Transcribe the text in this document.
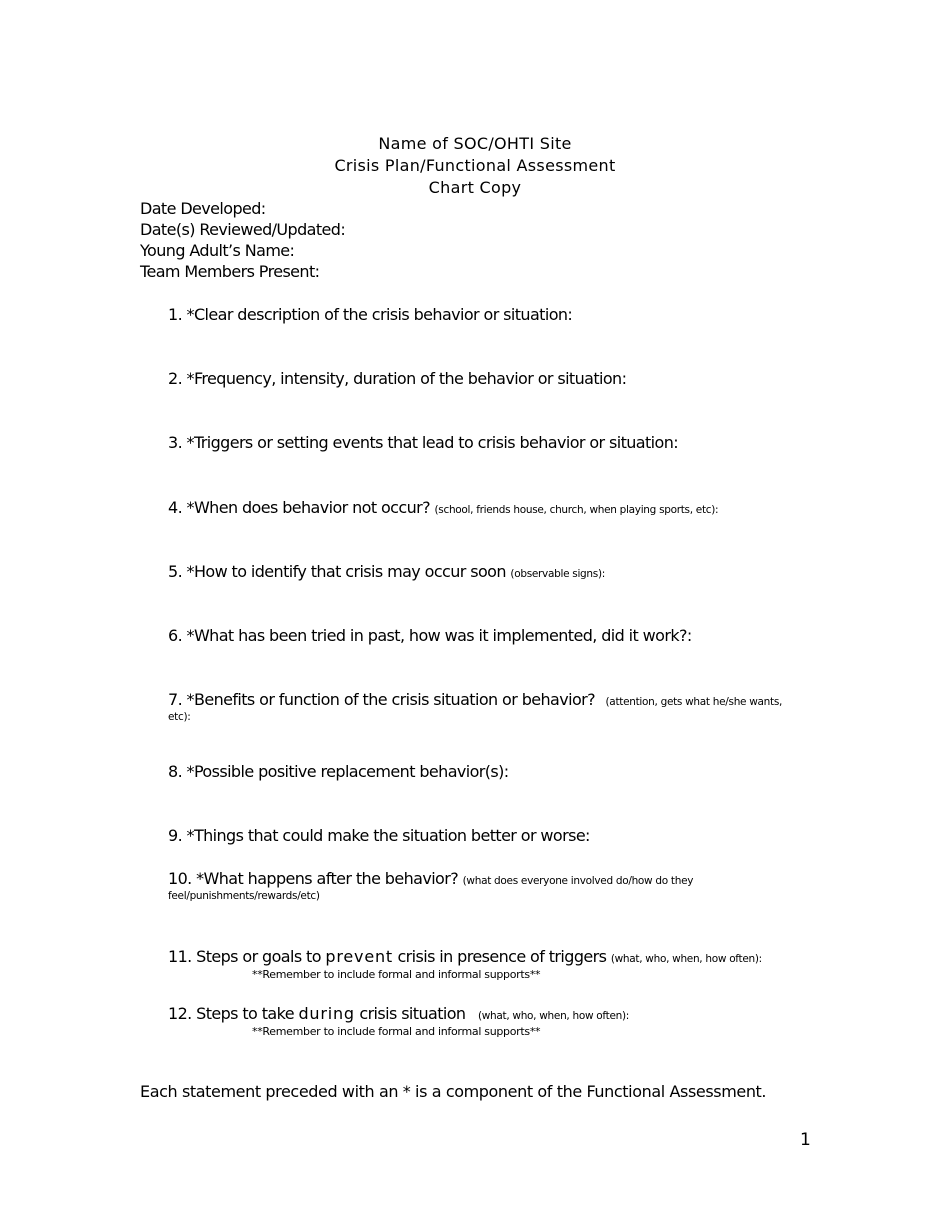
Name of SOC/OHTI Site
Crisis Plan/Functional Assessment
Chart Copy
Date Developed:
Date(s) Reviewed/Updated:
Young Adult’s Name:
Team Members Present:
1. *Clear description of the crisis behavior or situation:
2. *Frequency, intensity, duration of the behavior or situation:
3. *Triggers or setting events that lead to crisis behavior or situation:
4. *When does behavior not occur? (school, friends house, church, when playing sports, etc):
5. *How to identify that crisis may occur soon (observable signs):
6. *What has been tried in past, how was it implemented, did it work?:
7. *Benefits or function of the crisis situation or behavior? (attention, gets what he/she wants,
etc):
8. *Possible positive replacement behavior(s):
9. *Things that could make the situation better or worse:
10. *What happens after the behavior? (what does everyone involved do/how do they
feel/punishments/rewards/etc)
11. Steps or goals to prevent crisis in presence of triggers (what, who, when, how often):
**Remember to include formal and informal supports**
12. Steps to take during crisis situation (what, who, when, how often):
**Remember to include formal and informal supports**
Each statement preceded with an * is a component of the Functional Assessment.
1
